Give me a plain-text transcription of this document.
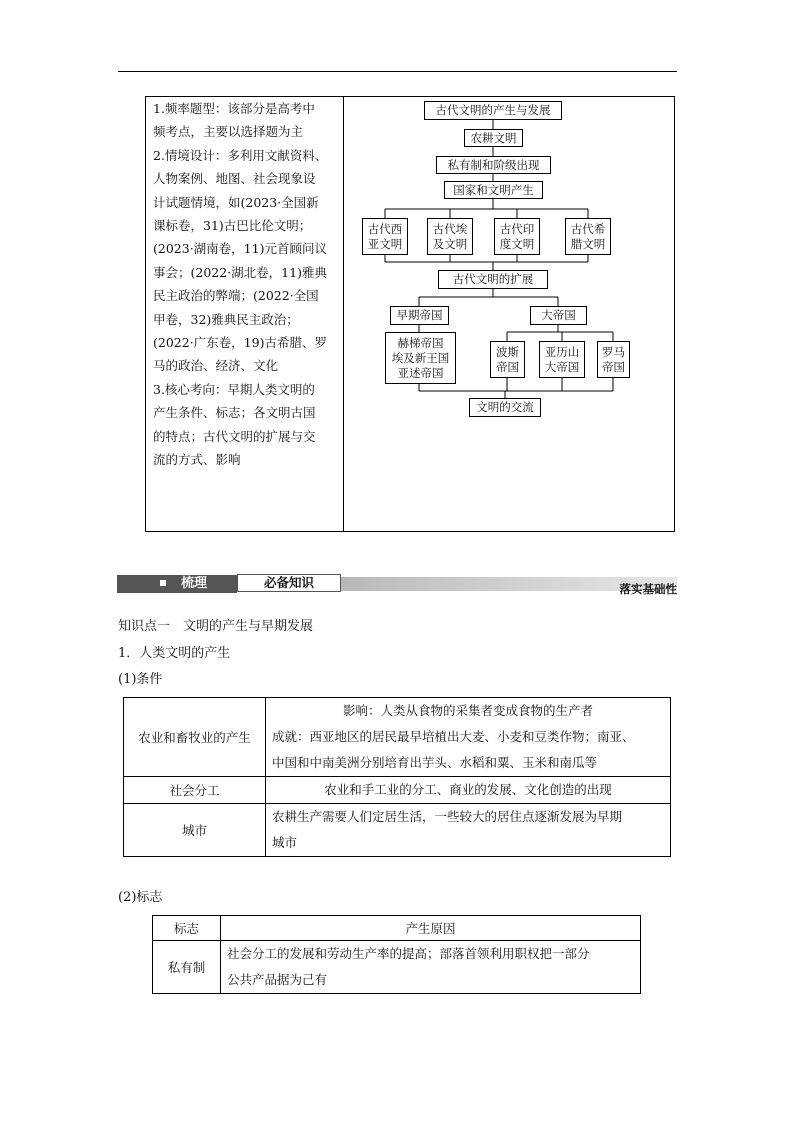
1.频率题型：该部分是高考中
频考点，主要以选择题为主
2.情境设计：多利用文献资料、
人物案例、地图、社会现象设
计试题情境，如(2023·全国新
课标卷，31)古巴比伦文明；
(2023·湖南卷，11)元首顾问议
事会；(2022·湖北卷，11)雅典
民主政治的弊端；(2022·全国
甲卷，32)雅典民主政治；
(2022·广东卷，19)古希腊、罗
马的政治、经济、文化
3.核心考向：早期人类文明的
产生条件、标志；各文明古国
的特点；古代文明的扩展与交
流的方式、影响

古代文明的产生与发展
农耕文明
私有制和阶级出现
国家和文明产生
古代西
亚文明
古代埃
及文明
古代印
度文明
古代希
腊文明
古代文明的扩展
早期帝国
赫梯帝国
埃及新王国
亚述帝国
大帝国
波斯
帝国
亚历山
大帝国
罗马
帝国
文明的交流
梳理	必备知识	落实基础性
知识点一　文明的产生与早期发展
1．人类文明的产生
(1)条件
农业和畜牧业的产生	影响：人类从食物的采集者变成食物的生产者
成就：西亚地区的居民最早培植出大麦、小麦和豆类作物；南亚、
中国和中南美洲分别培育出芋头、水稻和粟、玉米和南瓜等

社会分工	农业和手工业的分工、商业的发展、文化创造的出现

城市	农耕生产需要人们定居生活，一些较大的居住点逐渐发展为早期
城市
(2)标志
标志	产生原因
私有制	社会分工的发展和劳动生产率的提高；部落首领利用职权把一部分
公共产品据为己有
